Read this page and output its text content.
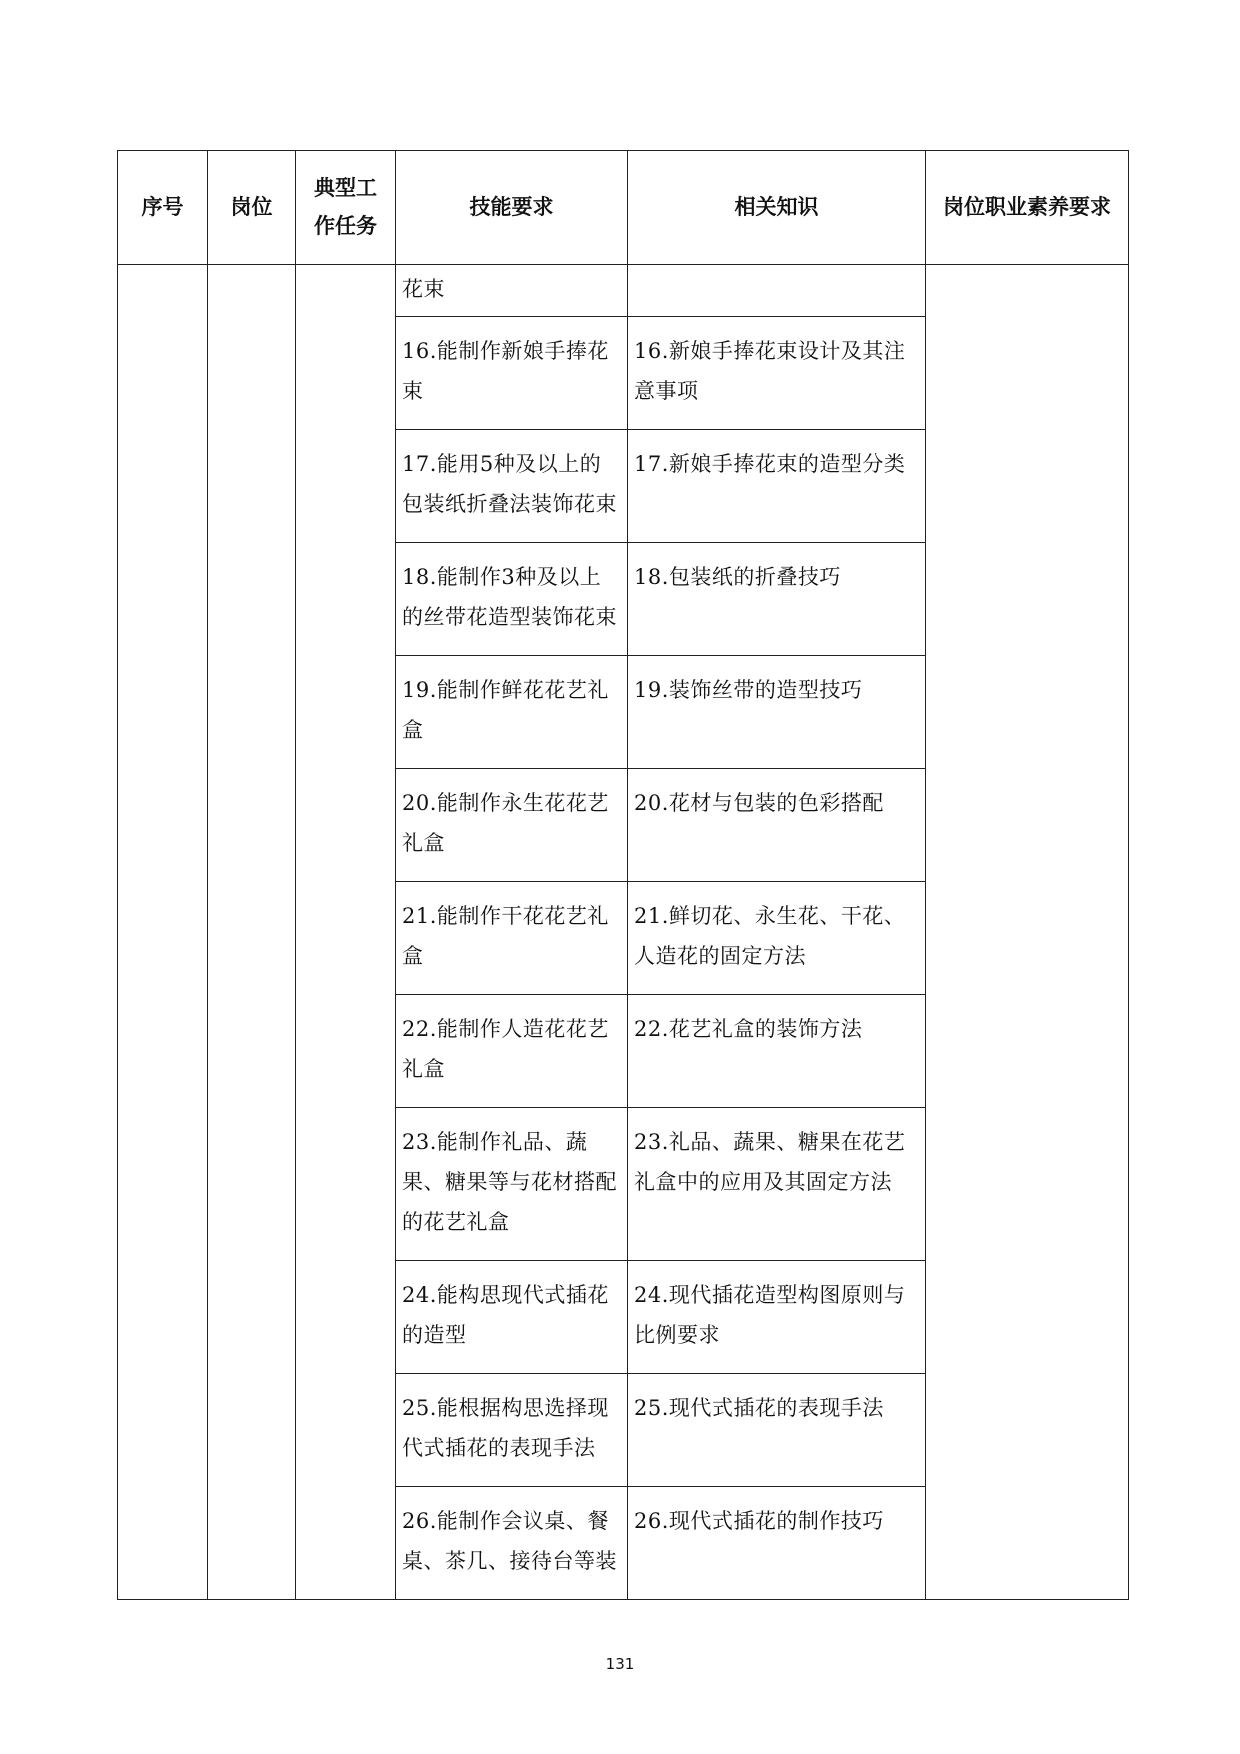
序号	岗位	典型工作任务	技能要求	相关知识	岗位职业素养要求

			花束		

			16.能制作新娘手捧花束	16.新娘手捧花束设计及其注意事项	

			17.能用5种及以上的包装纸折叠法装饰花束	17.新娘手捧花束的造型分类	

			18.能制作3种及以上的丝带花造型装饰花束	18.包装纸的折叠技巧	

			19.能制作鲜花花艺礼盒	19.装饰丝带的造型技巧	

			20.能制作永生花花艺礼盒	20.花材与包装的色彩搭配	

			21.能制作干花花艺礼盒	21.鲜切花、永生花、干花、人造花的固定方法	

			22.能制作人造花花艺礼盒	22.花艺礼盒的装饰方法	

			23.能制作礼品、蔬果、糖果等与花材搭配的花艺礼盒	23.礼品、蔬果、糖果在花艺礼盒中的应用及其固定方法	

			24.能构思现代式插花的造型	24.现代插花造型构图原则与比例要求	

			25.能根据构思选择现代式插花的表现手法	25.现代式插花的表现手法	

			26.能制作会议桌、餐桌、茶几、接待台等装	26.现代式插花的制作技巧	
131
